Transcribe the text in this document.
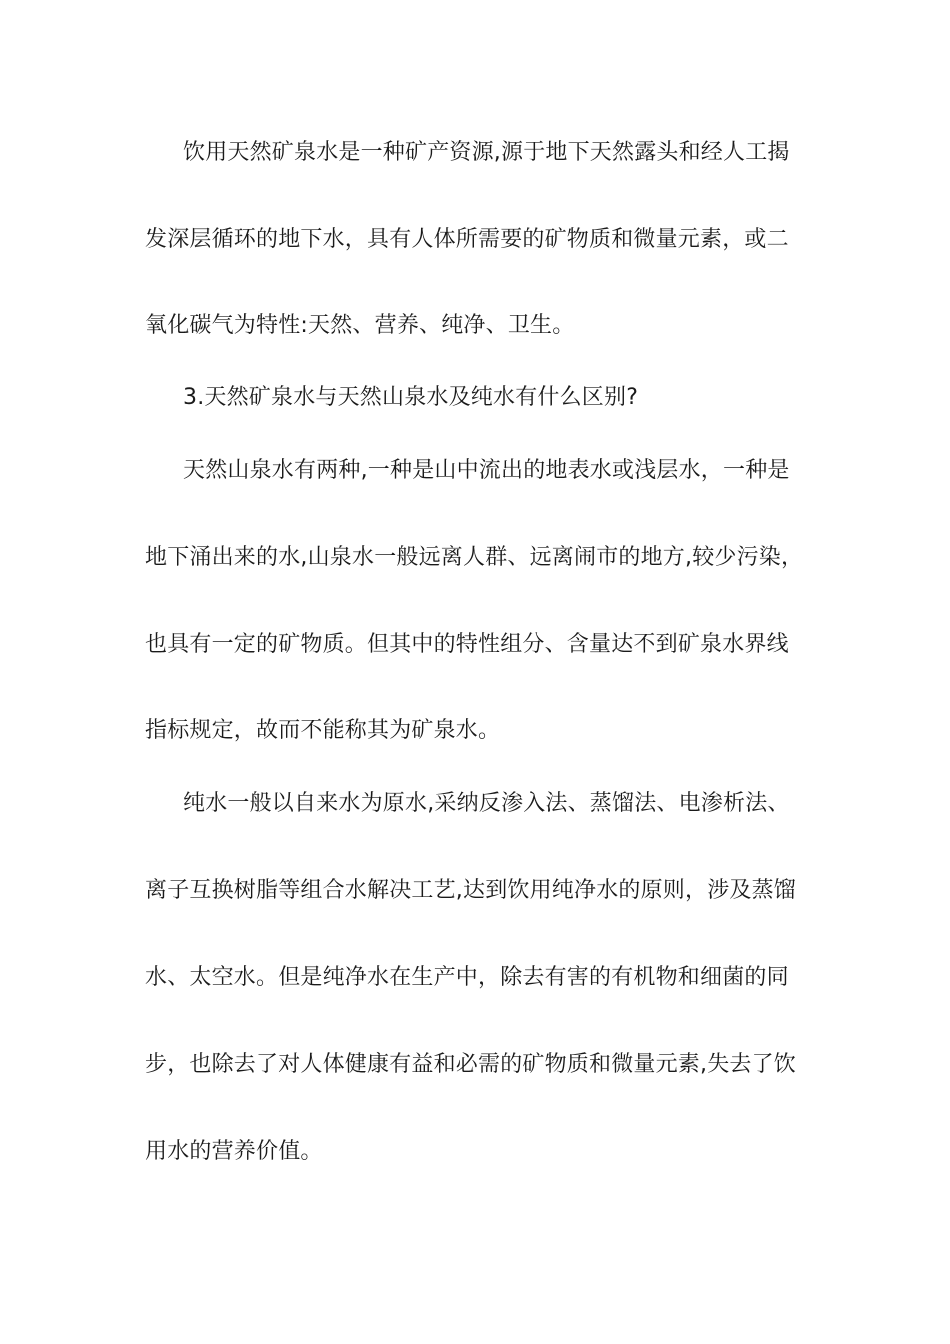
饮用天然矿泉水是一种矿产资源,源于地下天然露头和经人工揭
发深层循环的地下水，具有人体所需要的矿物质和微量元素，或二
氧化碳气为特性:天然、营养、纯净、卫生。
3.天然矿泉水与天然山泉水及纯水有什么区别?
天然山泉水有两种,一种是山中流出的地表水或浅层水，一种是
地下涌出来的水,山泉水一般远离人群、远离闹市的地方,较少污染，
也具有一定的矿物质。但其中的特性组分、含量达不到矿泉水界线
指标规定，故而不能称其为矿泉水。
纯水一般以自来水为原水,采纳反渗入法、蒸馏法、电渗析法、
离子互换树脂等组合水解决工艺,达到饮用纯净水的原则，涉及蒸馏
水、太空水。但是纯净水在生产中，除去有害的有机物和细菌的同
步，也除去了对人体健康有益和必需的矿物质和微量元素,失去了饮
用水的营养价值。
